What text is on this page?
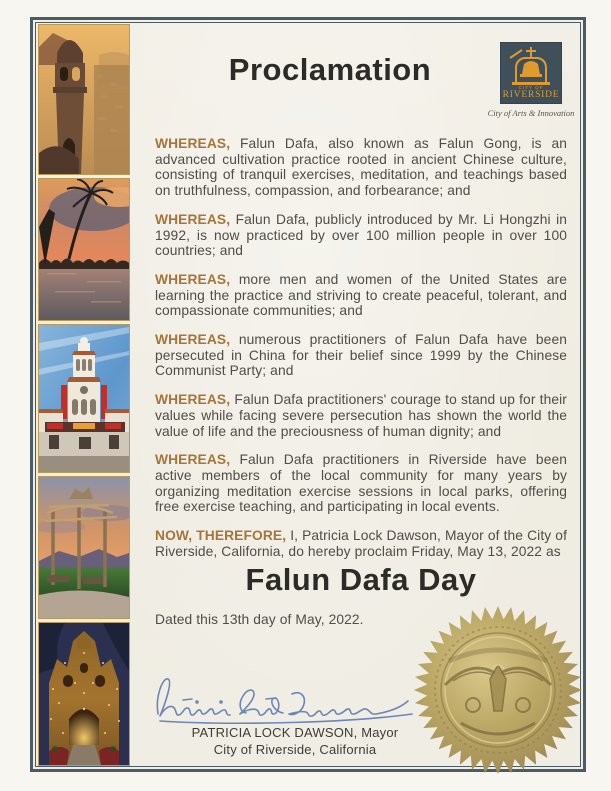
Proclamation
CITY OF
RIVERSIDE
City of Arts & Innovation

WHEREAS, Falun Dafa, also known as Falun Gong, is an advanced cultivation practice rooted in ancient Chinese culture, consisting of tranquil exercises, meditation, and teachings based on truthfulness, compassion, and forbearance; and

WHEREAS, Falun Dafa, publicly introduced by Mr. Li Hongzhi in 1992, is now practiced by over 100 million people in over 100 countries; and

WHEREAS, more men and women of the United States are learning the practice and striving to create peaceful, tolerant, and compassionate communities; and

WHEREAS, numerous practitioners of Falun Dafa have been persecuted in China for their belief since 1999 by the Chinese Communist Party; and

WHEREAS, Falun Dafa practitioners' courage to stand up for their values while facing severe persecution has shown the world the value of life and the preciousness of human dignity; and

WHEREAS, Falun Dafa practitioners in Riverside have been active members of the local community for many years by organizing meditation exercise sessions in local parks, offering free exercise teaching, and participating in local events.

NOW, THEREFORE, I, Patricia Lock Dawson, Mayor of the City of Riverside, California, do hereby proclaim Friday, May 13, 2022 as

Falun Dafa Day

Dated this 13th day of May, 2022.

PATRICIA LOCK DAWSON, Mayor
City of Riverside, California
